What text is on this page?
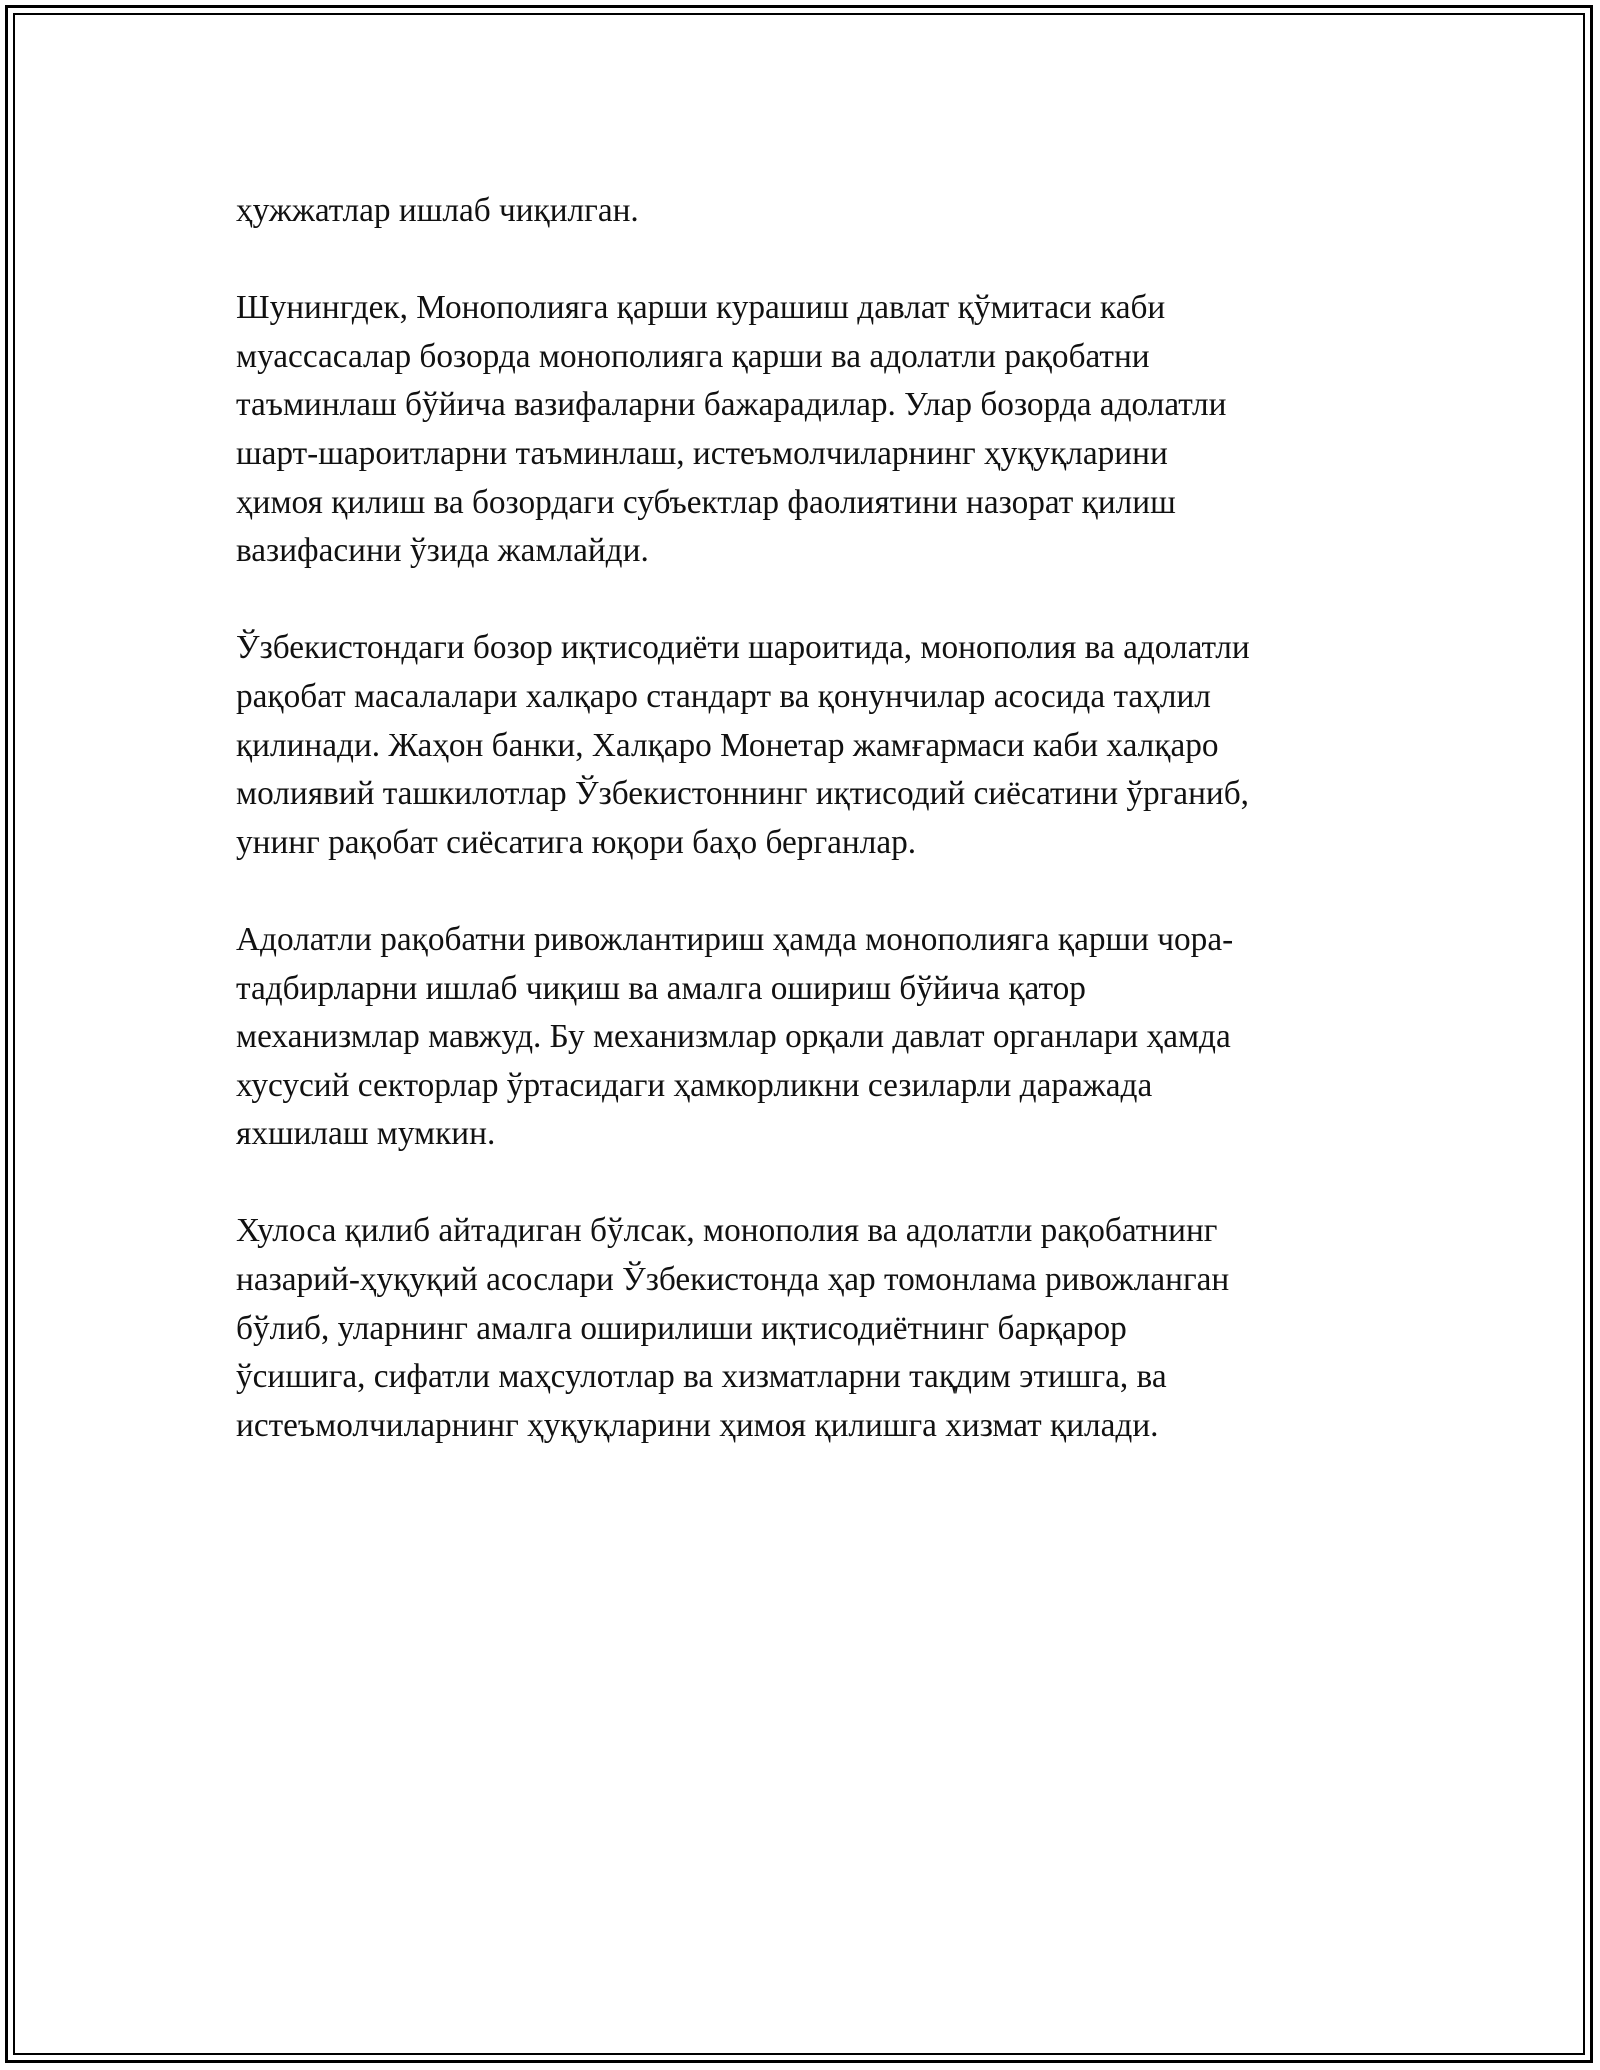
ҳужжатлар ишлаб чиқилган.

Шунингдек, Монополияга қарши курашиш давлат қўмитаси каби
муассасалар бозорда монополияга қарши ва адолатли рақобатни
таъминлаш бўйича вазифаларни бажарадилар. Улар бозорда адолатли
шарт-шароитларни таъминлаш, истеъмолчиларнинг ҳуқуқларини
ҳимоя қилиш ва бозордаги субъектлар фаолиятини назорат қилиш
вазифасини ўзида жамлайди.

Ўзбекистондаги бозор иқтисодиёти шароитида, монополия ва адолатли
рақобат масалалари халқаро стандарт ва қонунчилар асосида таҳлил
қилинади. Жаҳон банки, Халқаро Монетар жамғармаси каби халқаро
молиявий ташкилотлар Ўзбекистоннинг иқтисодий сиёсатини ўрганиб,
унинг рақобат сиёсатига юқори баҳо берганлар.

Адолатли рақобатни ривожлантириш ҳамда монополияга қарши чора-
тадбирларни ишлаб чиқиш ва амалга ошириш бўйича қатор
механизмлар мавжуд. Бу механизмлар орқали давлат органлари ҳамда
хусусий секторлар ўртасидаги ҳамкорликни сезиларли даражада
яхшилаш мумкин.

Хулоса қилиб айтадиган бўлсак, монополия ва адолатли рақобатнинг
назарий-ҳуқуқий асослари Ўзбекистонда ҳар томонлама ривожланган
бўлиб, уларнинг амалга оширилиши иқтисодиётнинг барқарор
ўсишига, сифатли маҳсулотлар ва хизматларни тақдим этишга, ва
истеъмолчиларнинг ҳуқуқларини ҳимоя қилишга хизмат қилади.
